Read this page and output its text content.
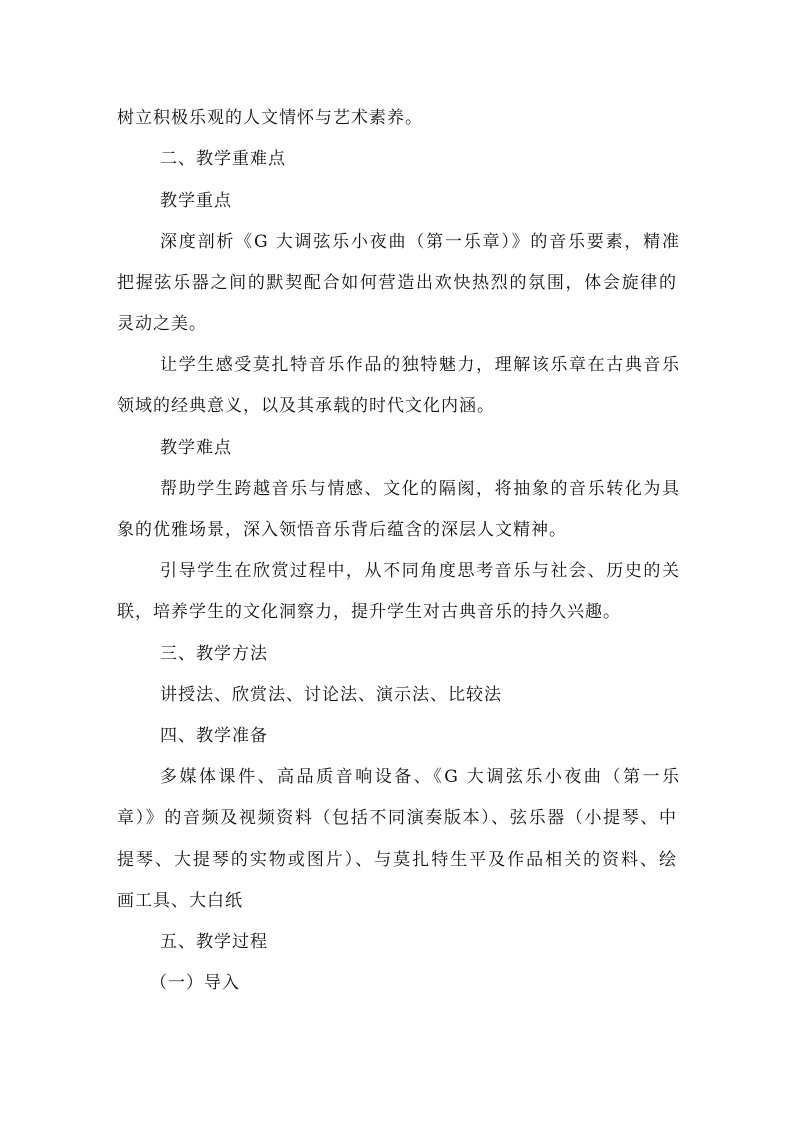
树立积极乐观的人文情怀与艺术素养。
二、教学重难点
教学重点
深度剖析《G 大调弦乐小夜曲（第一乐章）》的音乐要素，精准
把握弦乐器之间的默契配合如何营造出欢快热烈的氛围，体会旋律的
灵动之美。
让学生感受莫扎特音乐作品的独特魅力，理解该乐章在古典音乐
领域的经典意义，以及其承载的时代文化内涵。
教学难点
帮助学生跨越音乐与情感、文化的隔阂，将抽象的音乐转化为具
象的优雅场景，深入领悟音乐背后蕴含的深层人文精神。
引导学生在欣赏过程中，从不同角度思考音乐与社会、历史的关
联，培养学生的文化洞察力，提升学生对古典音乐的持久兴趣。
三、教学方法
讲授法、欣赏法、讨论法、演示法、比较法
四、教学准备
多媒体课件、高品质音响设备、《G 大调弦乐小夜曲（第一乐
章）》的音频及视频资料（包括不同演奏版本）、弦乐器（小提琴、中
提琴、大提琴的实物或图片）、与莫扎特生平及作品相关的资料、绘
画工具、大白纸
五、教学过程
（一）导入
